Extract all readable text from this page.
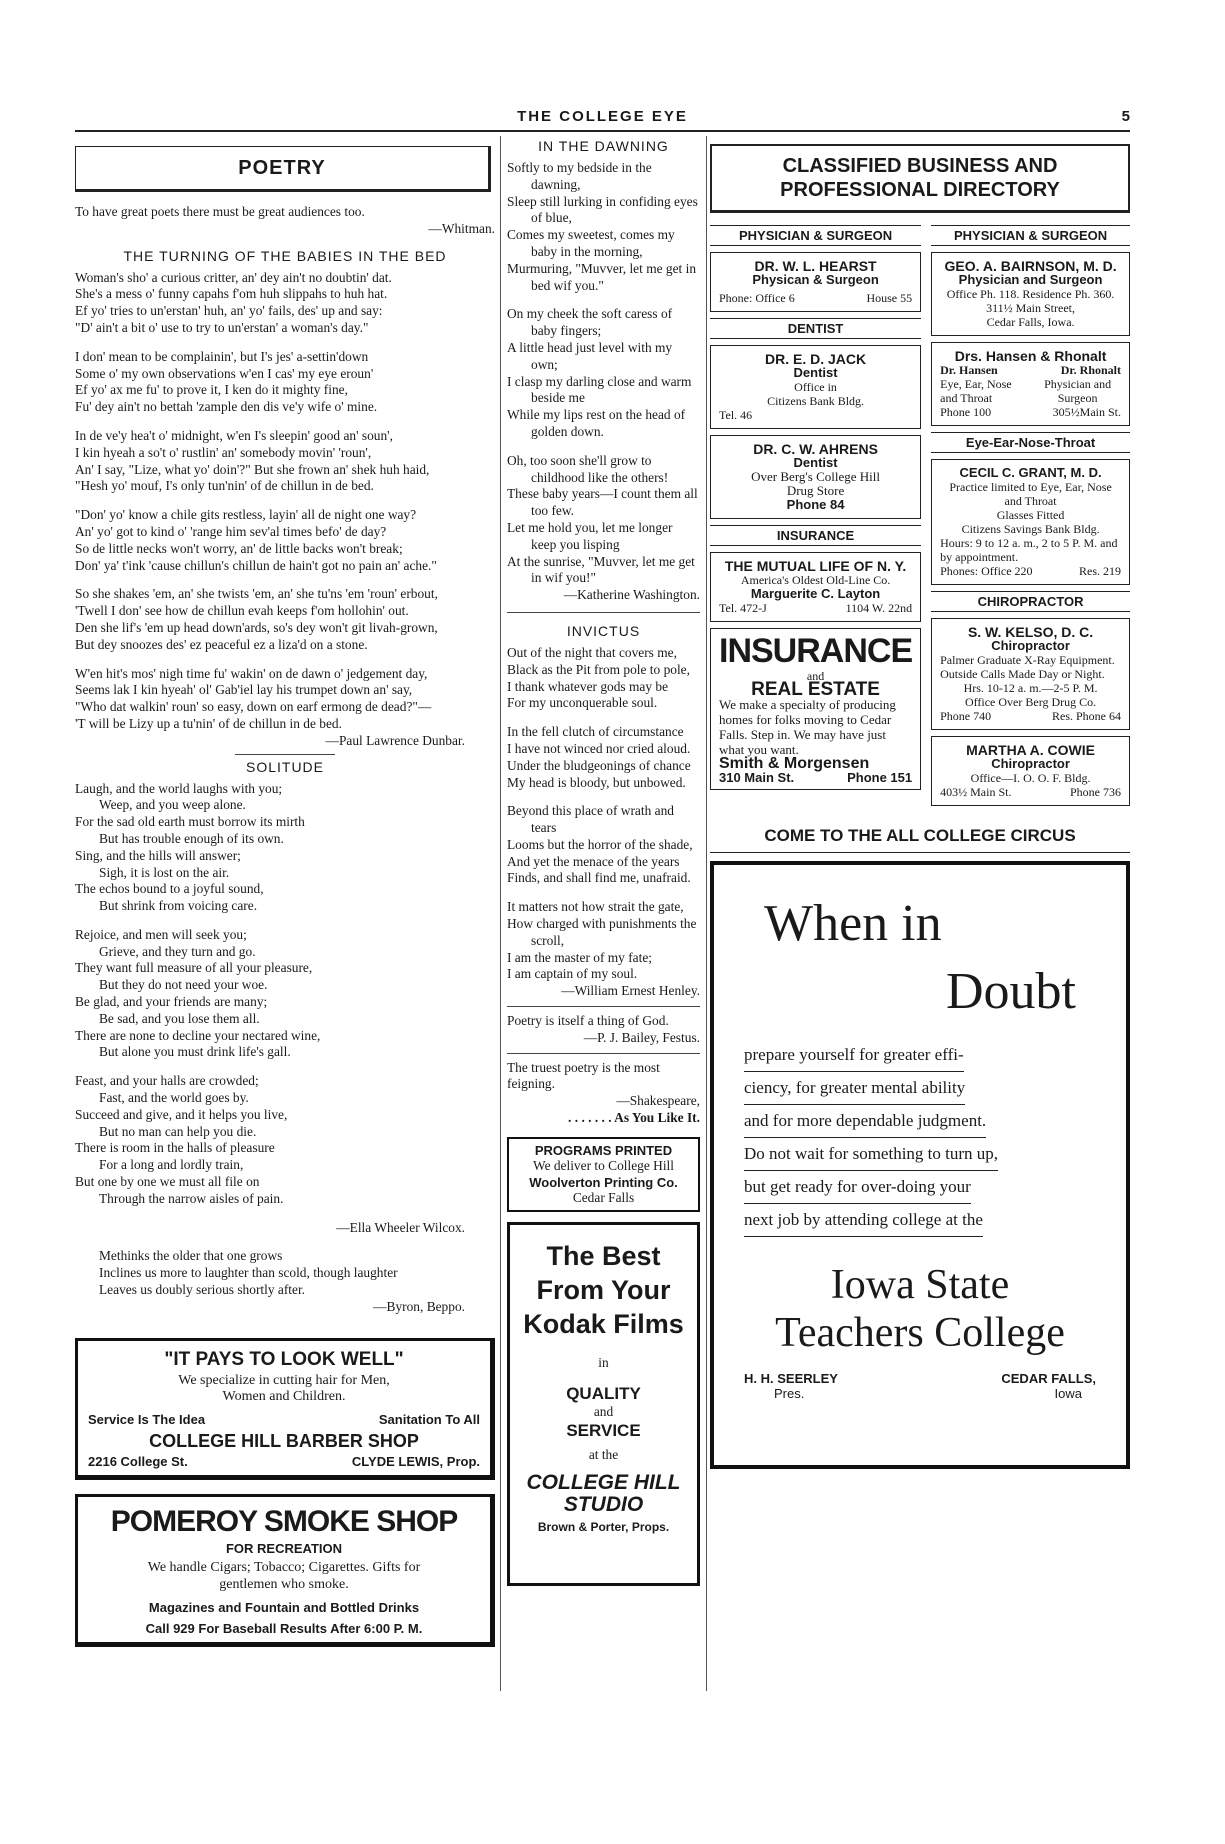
THE COLLEGE EYE	5
POETRY
To have great poets there must be great audiences too.
—Whitman.
THE TURNING OF THE BABIES IN THE BED
Woman's sho' a curious critter, an' dey ain't no doubtin' dat.
She's a mess o' funny capahs f'om huh slippahs to huh hat.
Ef yo' tries to un'erstan' huh, an' yo' fails, des' up and say:
"D' ain't a bit o' use to try to un'erstan' a woman's day."
I don' mean to be complainin', but I's jes' a-settin'down
Some o' my own observations w'en I cas' my eye eroun'
Ef yo' ax me fu' to prove it, I ken do it mighty fine,
Fu' dey ain't no bettah 'zample den dis ve'y wife o' mine.
In de ve'y hea't o' midnight, w'en I's sleepin' good an' soun',
I kin hyeah a so't o' rustlin' an' somebody movin' 'roun',
An' I say, "Lize, what yo' doin'?" But she frown an' shek huh haid,
"Hesh yo' mouf, I's only tun'nin' of de chillun in de bed.
"Don' yo' know a chile gits restless, layin' all de night one way?
An' yo' got to kind o' 'range him sev'al times befo' de day?
So de little necks won't worry, an' de little backs won't break;
Don' ya' t'ink 'cause chillun's chillun de hain't got no pain an' ache."
So she shakes 'em, an' she twists 'em, an' she tu'ns 'em 'roun' erbout,
'Twell I don' see how de chillun evah keeps f'om hollohin' out.
Den she lif's 'em up head down'ards, so's dey won't git livah-grown,
But dey snoozes des' ez peaceful ez a liza'd on a stone.
W'en hit's mos' nigh time fu' wakin' on de dawn o' jedgement day,
Seems lak I kin hyeah' ol' Gab'iel lay his trumpet down an' say,
"Who dat walkin' roun' so easy, down on earf ermong de dead?"—
'T will be Lizy up a tu'nin' of de chillun in de bed.
—Paul Lawrence Dunbar.
SOLITUDE
Laugh, and the world laughs with you;
Weep, and you weep alone.
For the sad old earth must borrow its mirth
But has trouble enough of its own.
Sing, and the hills will answer;
Sigh, it is lost on the air.
The echos bound to a joyful sound,
But shrink from voicing care.
Rejoice, and men will seek you;
Grieve, and they turn and go.
They want full measure of all your pleasure,
But they do not need your woe.
Be glad, and your friends are many;
Be sad, and you lose them all.
There are none to decline your nectared wine,
But alone you must drink life's gall.
Feast, and your halls are crowded;
Fast, and the world goes by.
Succeed and give, and it helps you live,
But no man can help you die.
There is room in the halls of pleasure
For a long and lordly train,
But one by one we must all file on
Through the narrow aisles of pain.
—Ella Wheeler Wilcox.
Methinks the older that one grows
Inclines us more to laughter than scold, though laughter
Leaves us doubly serious shortly after.
—Byron, Beppo.
"IT PAYS TO LOOK WELL"
We specialize in cutting hair for Men,
Women and Children.
Service Is The Idea	Sanitation To All
COLLEGE HILL BARBER SHOP
2216 College St.	CLYDE LEWIS, Prop.
POMEROY SMOKE SHOP
FOR RECREATION
We handle Cigars; Tobacco; Cigarettes. Gifts for
gentlemen who smoke.
Magazines and Fountain and Bottled Drinks
Call 929 For Baseball Results After 6:00 P. M.
IN THE DAWNING
Softly to my bedside in the dawning,
Sleep still lurking in confiding eyes of blue,
Comes my sweetest, comes my baby in the morning,
Murmuring, "Muvver, let me get in bed wif you."
On my cheek the soft caress of baby fingers;
A little head just level with my own;
I clasp my darling close and warm beside me
While my lips rest on the head of golden down.
Oh, too soon she'll grow to childhood like the others!
These baby years—I count them all too few.
Let me hold you, let me longer keep you lisping
At the sunrise, "Muvver, let me get in wif you!"
—Katherine Washington.
INVICTUS
Out of the night that covers me,
Black as the Pit from pole to pole,
I thank whatever gods may be
For my unconquerable soul.
In the fell clutch of circumstance
I have not winced nor cried aloud.
Under the bludgeonings of chance
My head is bloody, but unbowed.
Beyond this place of wrath and tears
Looms but the horror of the shade,
And yet the menace of the years
Finds, and shall find me, unafraid.
It matters not how strait the gate,
How charged with punishments the scroll,
I am the master of my fate;
I am captain of my soul.
—William Ernest Henley.
Poetry is itself a thing of God.
—P. J. Bailey, Festus.
The truest poetry is the most feigning.
—Shakespeare,
. . . . . . . As You Like It.
PROGRAMS PRINTED
We deliver to College Hill
Woolverton Printing Co.
Cedar Falls
The Best
From Your
Kodak Films
in
QUALITY
and
SERVICE
at the
COLLEGE HILL STUDIO
Brown & Porter, Props.
CLASSIFIED BUSINESS AND PROFESSIONAL DIRECTORY
PHYSICIAN & SURGEON
DR. W. L. HEARST
Physican & Surgeon
Phone: Office 6	House 55
DENTIST
DR. E. D. JACK
Dentist
Office in
Citizens Bank Bldg.
Tel. 46
DR. C. W. AHRENS
Dentist
Over Berg's College Hill
Drug Store
Phone 84
INSURANCE
THE MUTUAL LIFE OF N. Y.
America's Oldest Old-Line Co.
Marguerite C. Layton
Tel. 472-J	1104 W. 22nd
INSURANCE
and
REAL ESTATE
We make a specialty of producing homes for folks moving to Cedar Falls. Step in. We may have just what you want.
Smith & Morgensen
310 Main St.	Phone 151
PHYSICIAN & SURGEON
GEO. A. BAIRNSON, M. D.
Physician and Surgeon
Office Ph. 118. Residence Ph. 360.
311½ Main Street,
Cedar Falls, Iowa.
Drs. Hansen & Rhonalt
Dr. Hansen	Dr. Rhonalt
Eye, Ear, Nose and Throat
Physician and Surgeon
Phone 100	305½Main St.
Eye-Ear-Nose-Throat
CECIL C. GRANT, M. D.
Practice limited to Eye, Ear, Nose and Throat
Glasses Fitted
Citizens Savings Bank Bldg.
Hours: 9 to 12 a. m., 2 to 5 P. M. and by appointment.
Phones: Office 220	Res. 219
CHIROPRACTOR
S. W. KELSO, D. C.
Chiropractor
Palmer Graduate X-Ray Equipment. Outside Calls Made Day or Night.
Hrs. 10-12 a. m.—2-5 P. M.
Office Over Berg Drug Co.
Phone 740	Res. Phone 64
MARTHA A. COWIE
Chiropractor
Office—I. O. O. F. Bldg.
403½ Main St.	Phone 736
COME TO THE ALL COLLEGE CIRCUS
When in
Doubt
prepare yourself for greater effi-
ciency, for greater mental ability
and for more dependable judgment.
Do not wait for something to turn up,
but get ready for over-doing your
next job by attending college at the
Iowa State
Teachers College
H. H. SEERLEY	CEDAR FALLS,
Pres.	Iowa
